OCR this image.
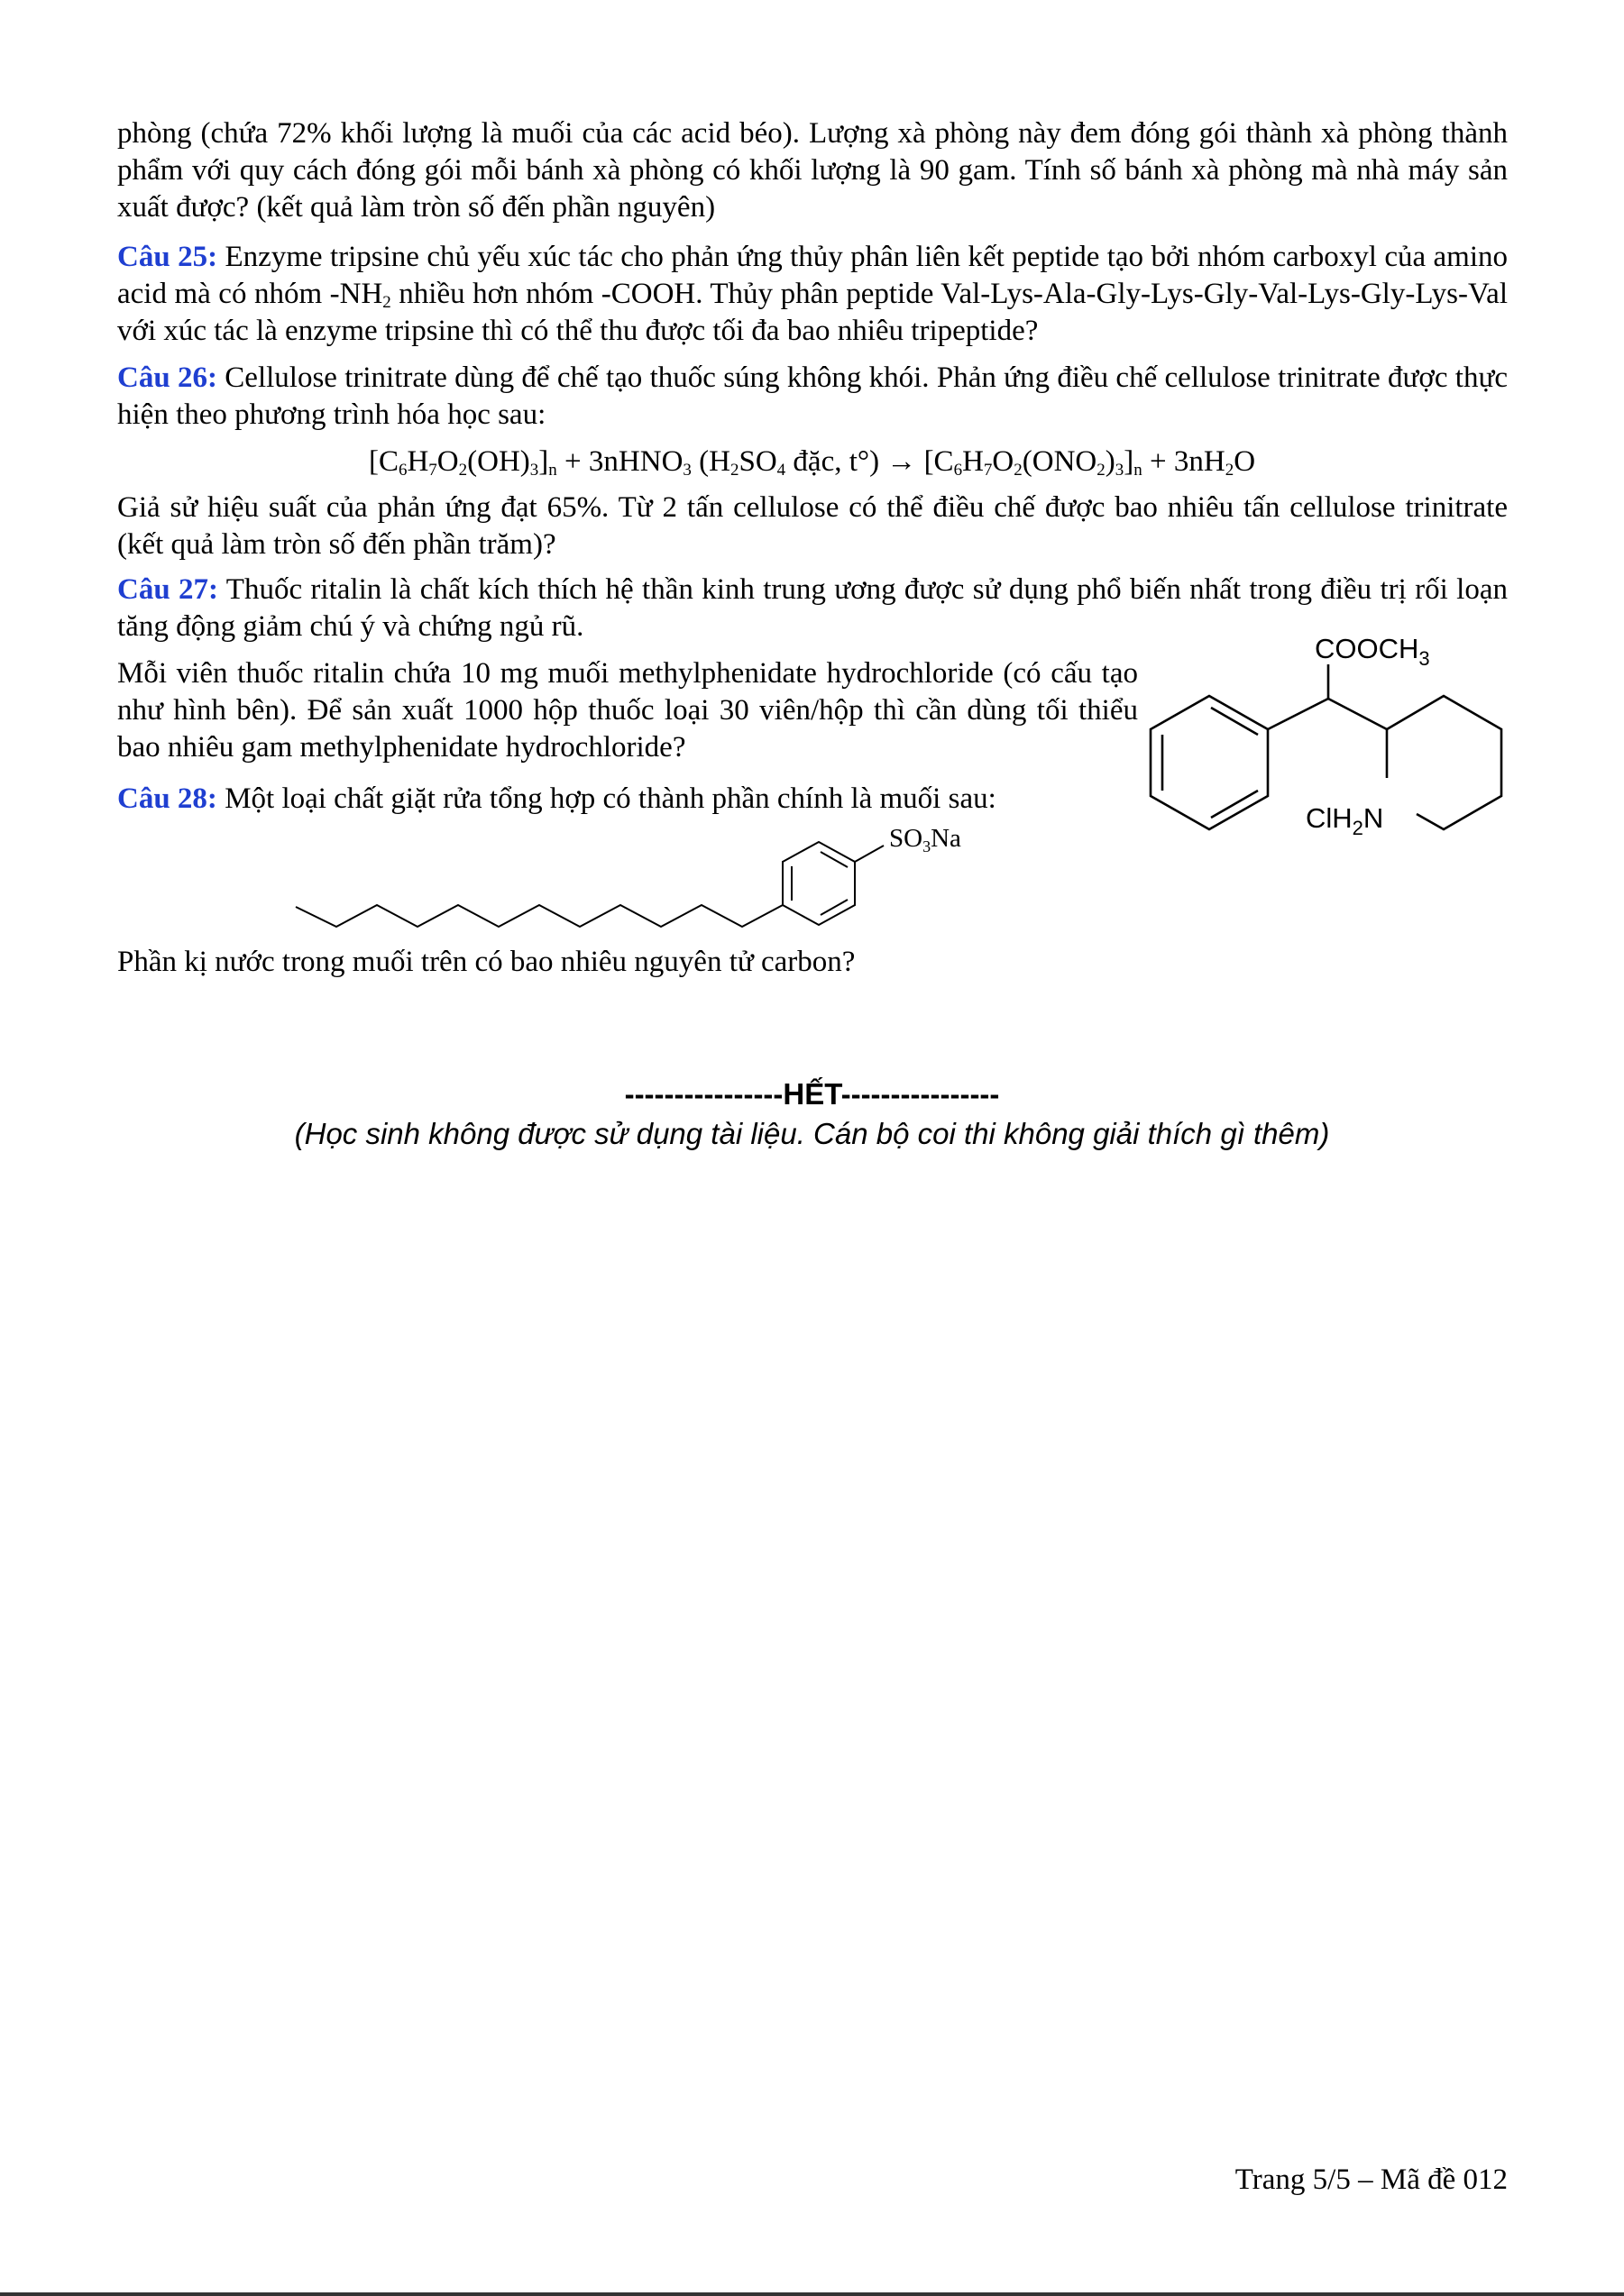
phòng (chứa 72% khối lượng là muối của các acid béo). Lượng xà phòng này đem đóng gói thành xà phòng thành phẩm với quy cách đóng gói mỗi bánh xà phòng có khối lượng là 90 gam. Tính số bánh xà phòng mà nhà máy sản xuất được? (kết quả làm tròn số đến phần nguyên)

Câu 25: Enzyme tripsine chủ yếu xúc tác cho phản ứng thủy phân liên kết peptide tạo bởi nhóm carboxyl của amino acid mà có nhóm $-NH_2$ nhiều hơn nhóm -COOH. Thủy phân peptide Val-Lys-Ala-Gly-Lys-Gly-Val-Lys-Gly-Lys-Val với xúc tác là enzyme tripsine thì có thể thu được tối đa bao nhiêu tripeptide?

Câu 26: Cellulose trinitrate dùng để chế tạo thuốc súng không khói. Phản ứng điều chế cellulose trinitrate được thực hiện theo phương trình hóa học sau:

$[C_6H_7O_2(OH)_3]_n$ + 3nHNO$_3$ ($H_2SO_4$ đặc, $t^\circ) \to [C_6H_7O_2(ONO_2)_3]_n + 3nH_2O$

Giả sử hiệu suất của phản ứng đạt 65%. Từ 2 tấn cellulose có thể điều chế được bao nhiêu tấn cellulose trinitrate (kết quả làm tròn số đến phần trăm)?

Câu 27: Thuốc ritalin là chất kích thích hệ thần kinh trung ương được sử dụng phổ biến nhất trong điều trị rối loạn tăng động giảm chú ý và chứng ngủ rũ.

Mỗi viên thuốc ritalin chứa 10 mg muối methylphenidate hydrochloride (có cấu tạo như hình bên). Để sản xuất 1000 hộp thuốc loại 30 viên/hộp thì cần dùng tối thiểu bao nhiêu gam methylphenidate hydrochloride?

$COOCH_3$
ClH$_2$N

Câu 28: Một loại chất giặt rửa tổng hợp có thành phần chính là muối sau:

$SO_3Na$

Phần kị nước trong muối trên có bao nhiêu nguyên tử carbon?

----------------HẾT----------------
(Học sinh không được sử dụng tài liệu. Cán bộ coi thi không giải thích gì thêm)
Trang 5/5 – Mã đề 012
